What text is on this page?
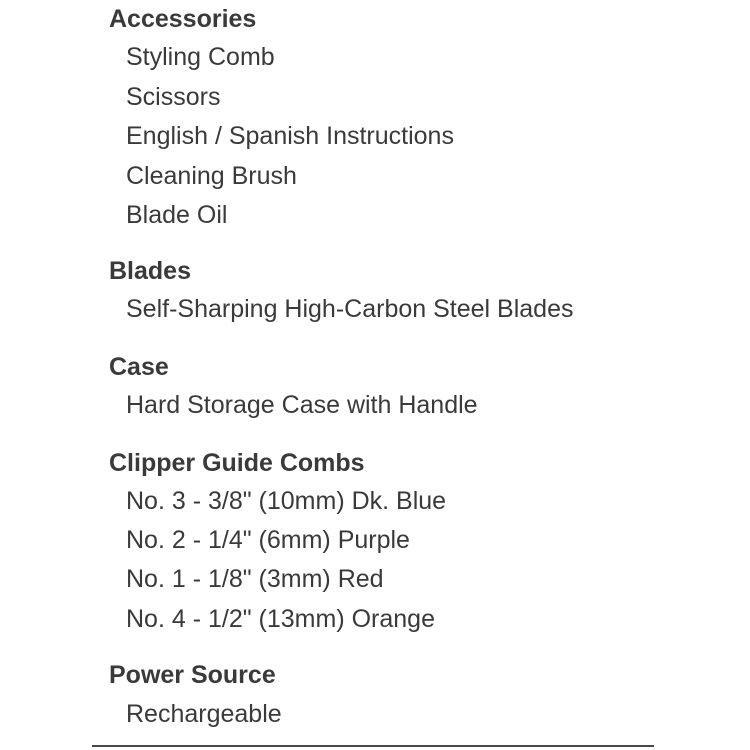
Accessories

Styling Comb

Scissors

English / Spanish Instructions

Cleaning Brush

Blade Oil

Blades

Self-Sharping High-Carbon Steel Blades

Case

Hard Storage Case with Handle

Clipper Guide Combs

No. 3 - 3/8" (10mm) Dk. Blue

No. 2 - 1/4" (6mm) Purple

No. 1 - 1/8" (3mm) Red

No. 4 - 1/2" (13mm) Orange

Power Source

Rechargeable
